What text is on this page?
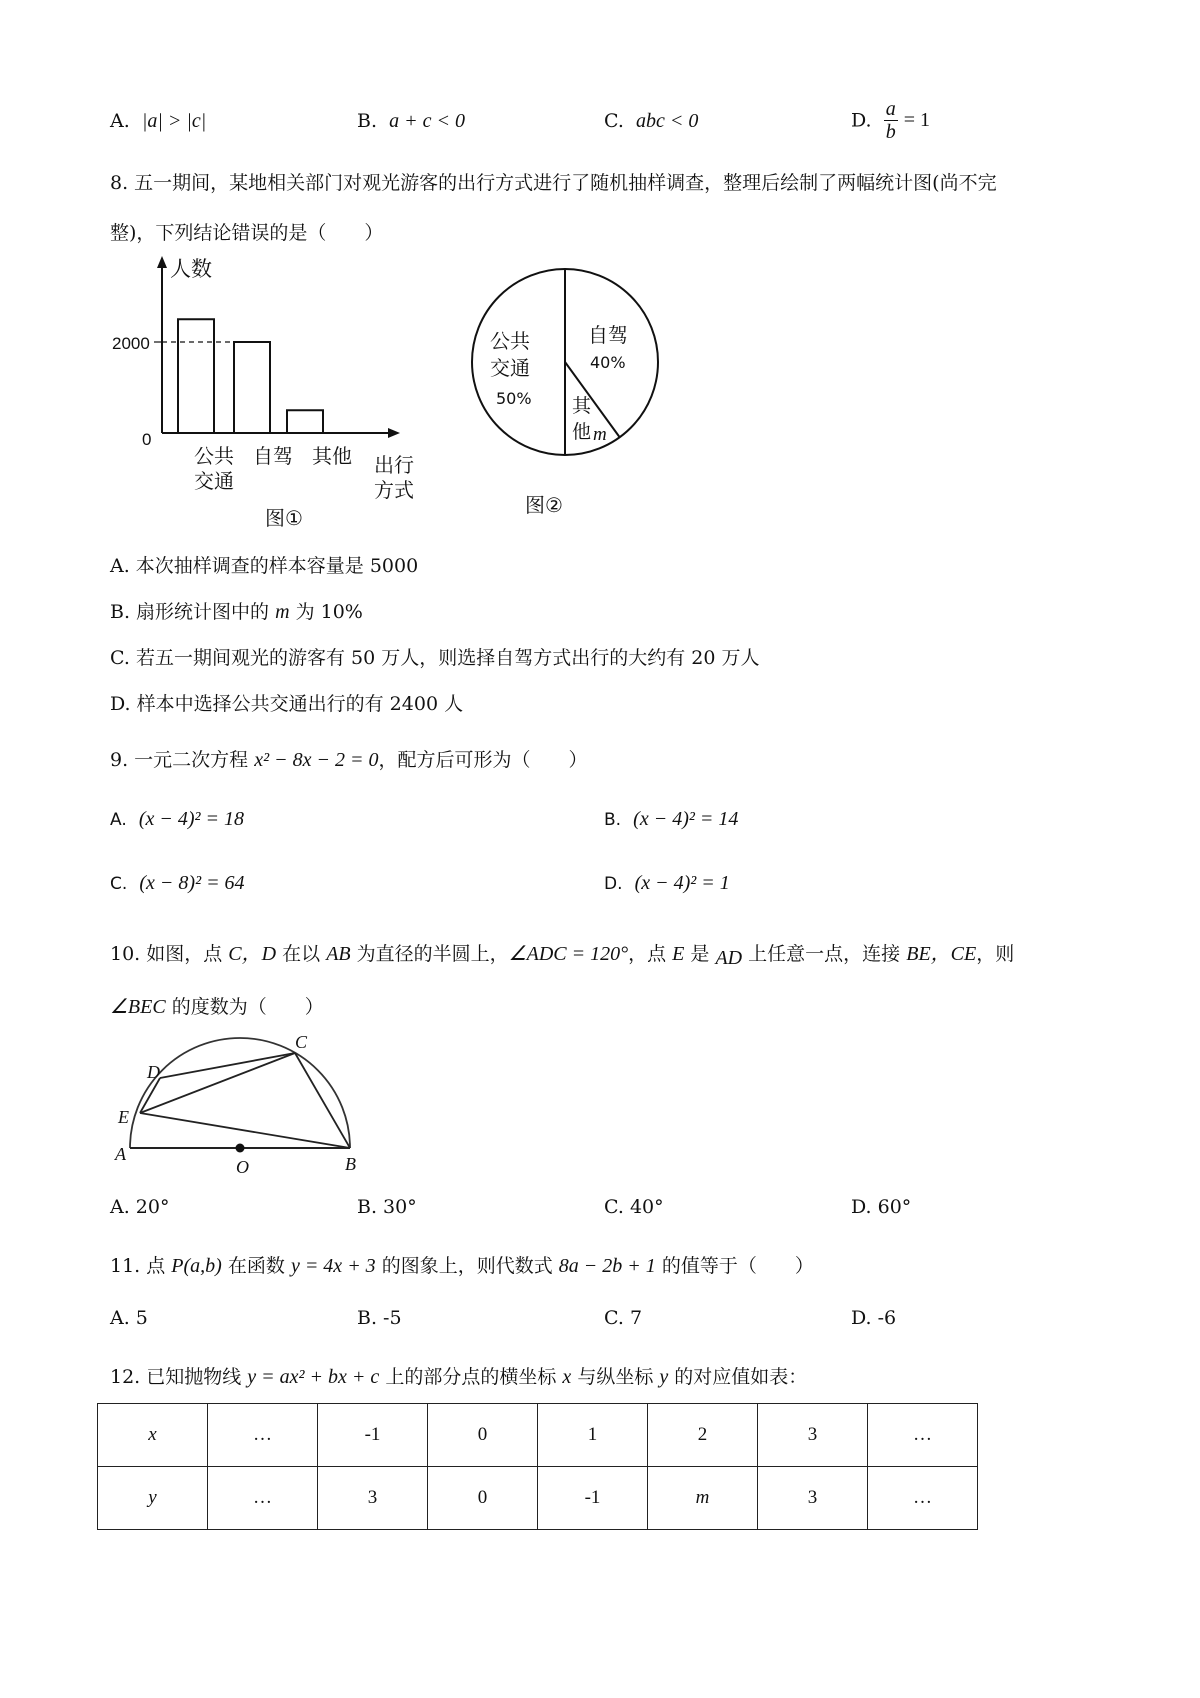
A. |a| > |c|	B. a + c < 0	C. abc < 0	D. $\frac{a}{b} = 1$
8. 五一期间，某地相关部门对观光游客的出行方式进行了随机抽样调查，整理后绘制了两幅统计图(尚不完
整)，下列结论错误的是（　　）
人数
2000
0
公共
交通
自驾 其他 出行
方式
图①
公共
交通
50%
自驾
40%
其
他 m
图②
A. 本次抽样调查的样本容量是 5000
B. 扇形统计图中的 m 为 10%
C. 若五一期间观光的游客有 50 万人，则选择自驾方式出行的大约有 20 万人
D. 样本中选择公共交通出行的有 2400 人
9. 一元二次方程 x² − 8x − 2 = 0，配方后可形为（　　）
A. (x − 4)² = 18	B. (x − 4)² = 14
C. (x − 8)² = 64	D. (x − 4)² = 1
10. 如图，点 C，D 在以 AB 为直径的半圆上，∠ADC = 120°，点 E 是 AD 上任意一点，连接 BE，CE，则
∠BEC 的度数为（　　）
A	B
C
D
E
O
A. 20°	B. 30°	C. 40°	D. 60°
11. 点 P(a,b) 在函数 y = 4x + 3 的图象上，则代数式 8a − 2b + 1 的值等于（　　）
A. 5	B. -5	C. 7	D. -6
12. 已知抛物线 y = ax² + bx + c 上的部分点的横坐标 x 与纵坐标 y 的对应值如表：
x	…	-1	0	1	2	3	…
y	…	3	0	-1	m	3	…
